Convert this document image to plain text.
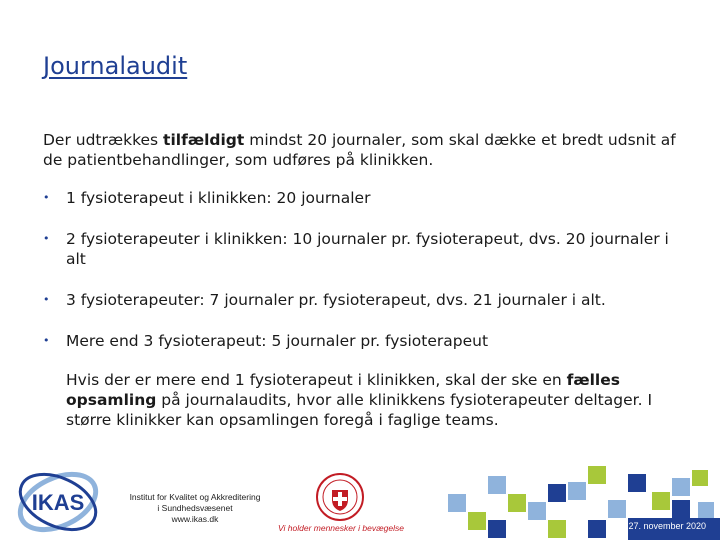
Journalaudit

Der udtrækkes tilfældigt mindst 20 journaler, som skal dække et bredt udsnit af de patientbehandlinger, som udføres på klinikken.

• 1 fysioterapeut i klinikken: 20 journaler
• 2 fysioterapeuter i klinikken: 10 journaler pr. fysioterapeut, dvs. 20 journaler i alt
• 3 fysioterapeuter: 7 journaler pr. fysioterapeut, dvs. 21 journaler i alt.
• Mere end 3 fysioterapeut: 5 journaler pr. fysioterapeut

Hvis der er mere end 1 fysioterapeut i klinikken, skal der ske en fælles opsamling på journalaudits, hvor alle klinikkens fysioterapeuter deltager. I større klinikker kan opsamlingen foregå i faglige teams.

IKAS	Institut for Kvalitet og Akkreditering
i Sundhedsvæsenet
www.ikas.dk
Vi holder mennesker i bevægelse	27. november 2020
